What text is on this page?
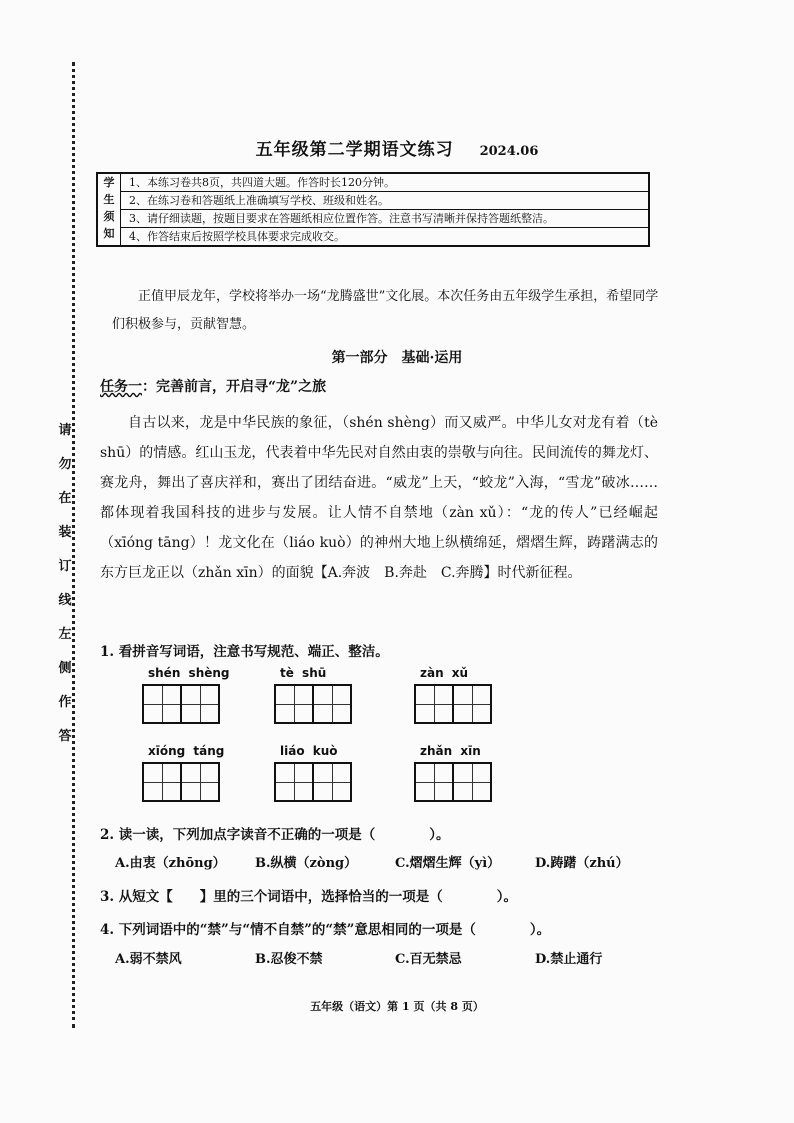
请
勿
在
装
订
线
左
侧
作
答
五年级第二学期语文练习 2024.06
学
生
须
知
1、本练习卷共8页，共四道大题。作答时长120分钟。
2、在练习卷和答题纸上准确填写学校、班级和姓名。
3、请仔细读题，按题目要求在答题纸相应位置作答。注意书写清晰并保持答题纸整洁。
4、作答结束后按照学校具体要求完成收交。
正值甲辰龙年，学校将举办一场“龙腾盛世”文化展。本次任务由五年级学生承担，希望同学们积极参与，贡献智慧。
第一部分　基础·运用
任务一：完善前言，开启寻“龙”之旅
自古以来，龙是中华民族的象征，（shén shèng）而又威严。中华儿女对龙有着（tè shū）的情感。红山玉龙，代表着中华先民对自然由衷的崇敬与向往。民间流传的舞龙灯、赛龙舟，舞出了喜庆祥和，赛出了团结奋进。“威龙”上天，“蛟龙”入海，“雪龙”破冰……都体现着我国科技的进步与发展。让人情不自禁地（zàn xǔ）：“龙的传人”已经崛起（xīóng tāng）！龙文化在（liáo kuò）的神州大地上纵横绵延，熠熠生辉，踌躇满志的东方巨龙正以（zhǎn xīn）的面貌【A.奔波　B.奔赴　C.奔腾】时代新征程。
1. 看拼音写词语，注意书写规范、端正、整洁。
shén shèng	tè shū	zàn xǔ
xīóng táng	liáo kuò	zhǎn xīn
2. 读一读，下列加点字读音不正确的一项是（　　　　）。
A.由衷（zhōng）	B.纵横（zòng）	C.熠熠生辉（yì）	D.踌躇（zhú）
3. 从短文【　　】里的三个词语中，选择恰当的一项是（　　　　）。
4. 下列词语中的“禁”与“情不自禁”的“禁”意思相同的一项是（　　　　）。
A.弱不禁风	B.忍俊不禁	C.百无禁忌	D.禁止通行
五年级（语文）第 1 页（共 8 页）
